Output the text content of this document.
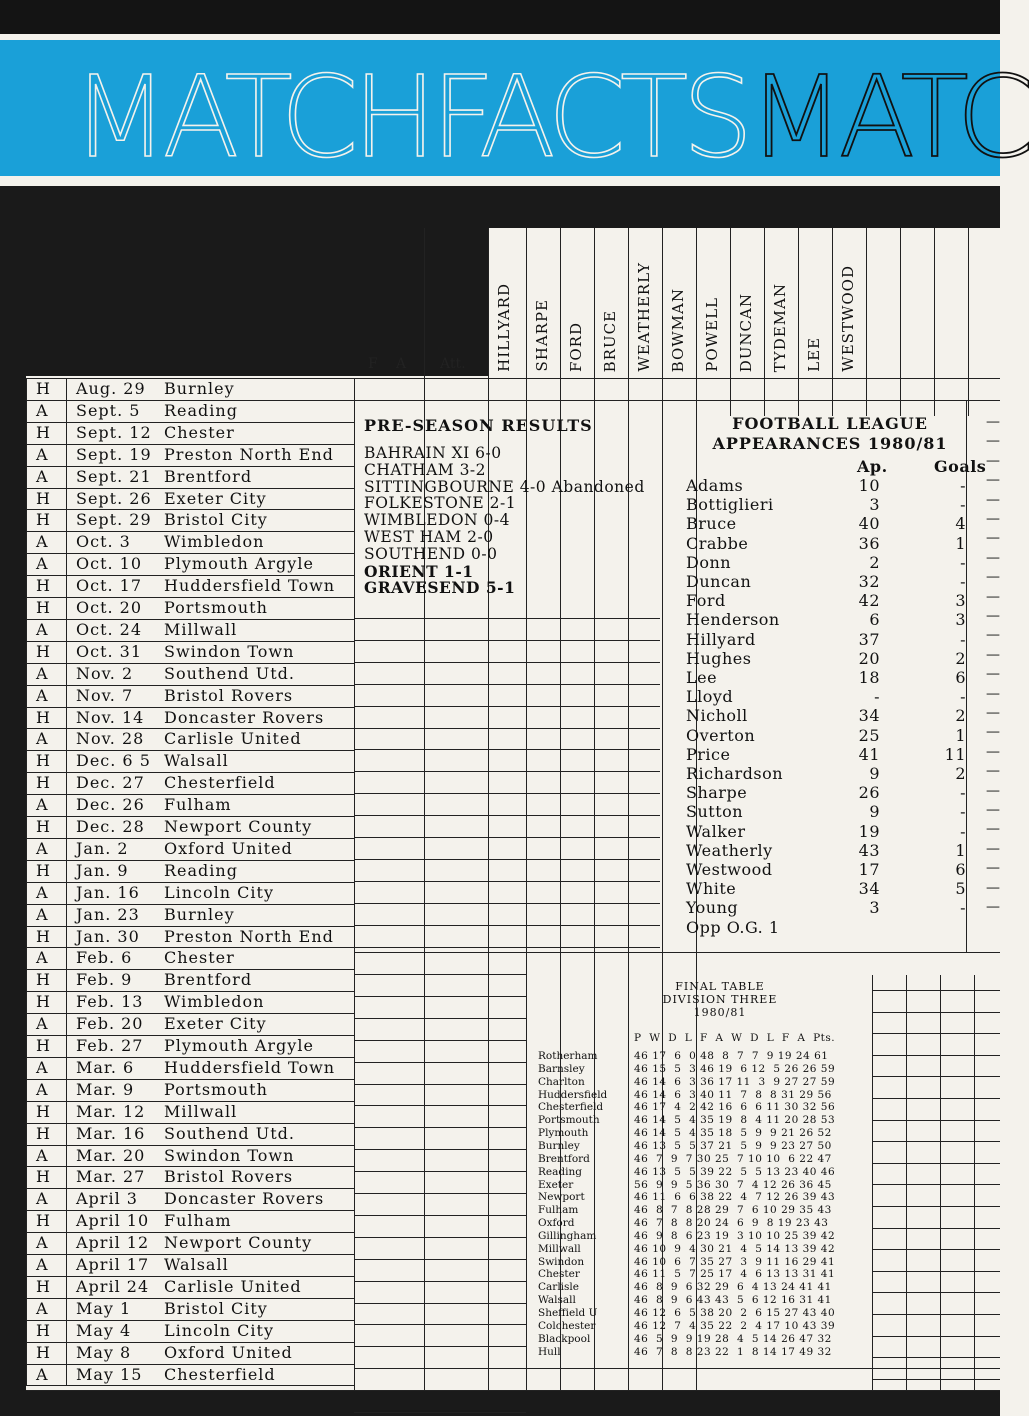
MATCHFACTS MATC
F A Att.
—
—
—
—
—
—
—
—
—
—
—
—
—
—
—
—
—
—
—
—
—
—
—
—
—
—
HILLYARD SHARPE FORD BRUCE WEATHERLY BOWMAN POWELL DUNCAN TYDEMAN LEE WESTWOOD
H Aug. 29 Burnley
A Sept. 5 Reading
H Sept. 12 Chester
A Sept. 19 Preston North End
A Sept. 21 Brentford
H Sept. 26 Exeter City
H Sept. 29 Bristol City
A Oct. 3 Wimbledon
A Oct. 10 Plymouth Argyle
H Oct. 17 Huddersfield Town
H Oct. 20 Portsmouth
A Oct. 24 Millwall
H Oct. 31 Swindon Town
A Nov. 2 Southend Utd.
A Nov. 7 Bristol Rovers
H Nov. 14 Doncaster Rovers
A Nov. 28 Carlisle United
H Dec. 6 5 Walsall
H Dec. 27 Chesterfield
A Dec. 26 Fulham
H Dec. 28 Newport County
A Jan. 2 Oxford United
H Jan. 9 Reading
A Jan. 16 Lincoln City
A Jan. 23 Burnley
H Jan. 30 Preston North End
A Feb. 6 Chester
H Feb. 9 Brentford
H Feb. 13 Wimbledon
A Feb. 20 Exeter City
H Feb. 27 Plymouth Argyle
A Mar. 6 Huddersfield Town
A Mar. 9 Portsmouth
H Mar. 12 Millwall
H Mar. 16 Southend Utd.
A Mar. 20 Swindon Town
H Mar. 27 Bristol Rovers
A April 3 Doncaster Rovers
H April 10 Fulham
A April 12 Newport County
A April 17 Walsall
H April 24 Carlisle United
A May 1 Bristol City
H May 4 Lincoln City
H May 8 Oxford United
A May 15 Chesterfield
PRE-SEASON RESULTS
BAHRAIN XI 6-0
CHATHAM 3-2
SITTINGBOURNE 4-0 Abandoned
FOLKESTONE 2-1
WIMBLEDON 0-4
WEST HAM 2-0
SOUTHEND 0-0
ORIENT 1-1
GRAVESEND 5-1
FOOTBALL LEAGUE
APPEARANCES 1980/81
Ap.	Goals
Adams	10	-
Bottiglieri	3	-
Bruce	40	4
Crabbe	36	1
Donn	2	-
Duncan	32	-
Ford	42	3
Henderson	6	3
Hillyard	37	-
Hughes	20	2
Lee	18	6
Lloyd	-	-
Nicholl	34	2
Overton	25	1
Price	41	11
Richardson	9	2
Sharpe	26	-
Sutton	9	-
Walker	19	-
Weatherly	43	1
Westwood	17	6
White	34	5
Young	3	-
Opp O.G. 1
FINAL TABLE
DIVISION THREE
1980/81
P  W  D  L  F  A  W  D  L  F  A  Pts.
Rotherham	46 17  6  0 48  8  7  7  9 19 24 61
Barnsley	46 15  5  3 46 19  6 12  5 26 26 59
Charlton	46 14  6  3 36 17 11  3  9 27 27 59
Huddersfield	46 14  6  3 40 11  7  8  8 31 29 56
Chesterfield	46 17  4  2 42 16  6  6 11 30 32 56
Portsmouth	46 14  5  4 35 19  8  4 11 20 28 53
Plymouth	46 14  5  4 35 18  5  9  9 21 26 52
Burnley	46 13  5  5 37 21  5  9  9 23 27 50
Brentford	46  7  9  7 30 25  7 10 10  6 22 47
Reading	46 13  5  5 39 22  5  5 13 23 40 46
Exeter	56  9  9  5 36 30  7  4 12 26 36 45
Newport	46 11  6  6 38 22  4  7 12 26 39 43
Fulham	46  8  7  8 28 29  7  6 10 29 35 43
Oxford	46  7  8  8 20 24  6  9  8 19 23 43
Gillingham	46  9  8  6 23 19  3 10 10 25 39 42
Millwall	46 10  9  4 30 21  4  5 14 13 39 42
Swindon	46 10  6  7 35 27  3  9 11 16 29 41
Chester	46 11  5  7 25 17  4  6 13 13 31 41
Carlisle	46  8  9  6 32 29  6  4 13 24 41 41
Walsall	46  8  9  6 43 43  5  6 12 16 31 41
Sheffield U	46 12  6  5 38 20  2  6 15 27 43 40
Colchester	46 12  7  4 35 22  2  4 17 10 43 39
Blackpool	46  5  9  9 19 28  4  5 14 26 47 32
Hull	46  7  8  8 23 22  1  8 14 17 49 32
